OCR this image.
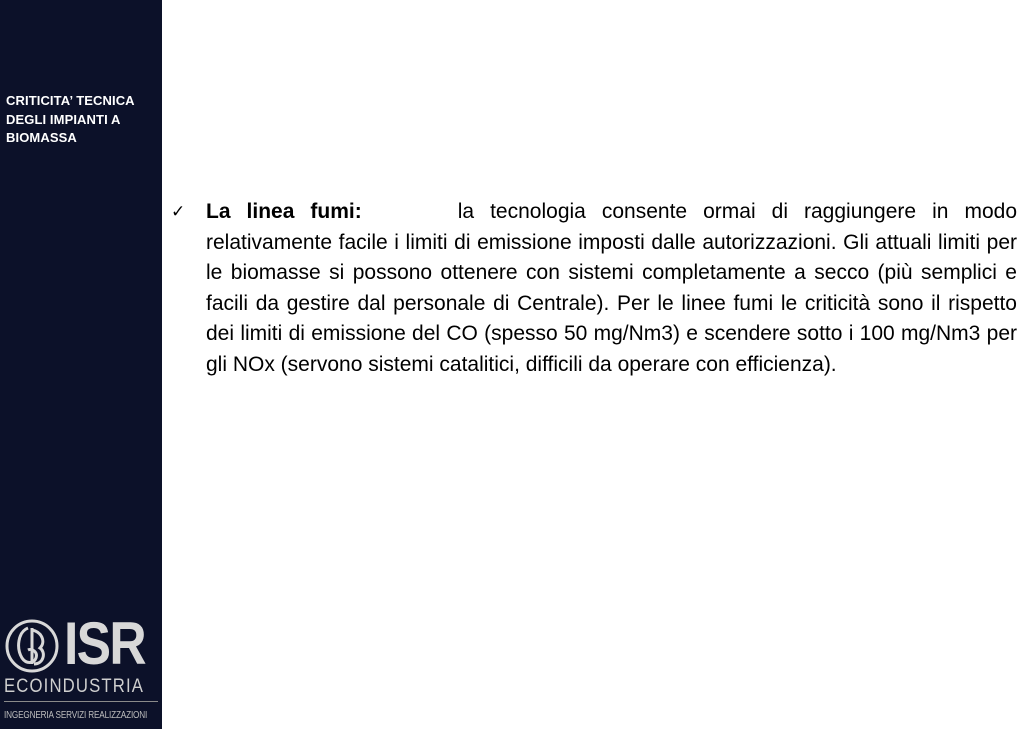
CRITICITA’ TECNICA
DEGLI IMPIANTI A
BIOMASSA
ISR
ECOINDUSTRIA
INGEGNERIA SERVIZI REALIZZAZIONI
✓ La linea fumi:	la tecnologia consente ormai di raggiungere in modo relativamente facile i limiti di emissione imposti dalle autorizzazioni. Gli attuali limiti per le biomasse si possono ottenere con sistemi completamente a secco (più semplici e facili da gestire dal personale di Centrale). Per le linee fumi le criticità sono il rispetto dei limiti di emissione del CO (spesso 50 mg/Nm3) e scendere sotto i 100 mg/Nm3 per gli NOx (servono sistemi catalitici, difficili da operare con efficienza).
